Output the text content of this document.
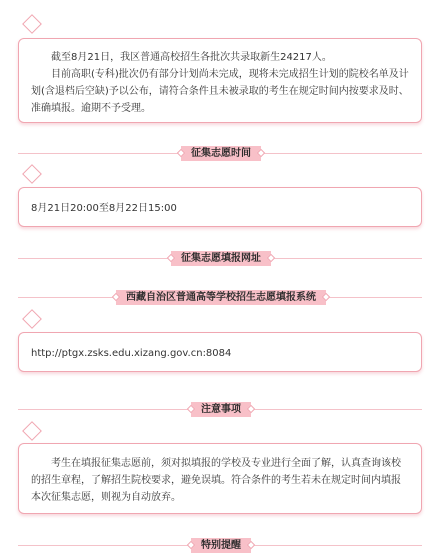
截至8月21日，我区普通高校招生各批次共录取新生24217人。

目前高职(专科)批次仍有部分计划尚未完成，现将未完成招生计划的院校名单及计划(含退档后空缺)予以公布，请符合条件且未被录取的考生在规定时间内按要求及时、准确填报。逾期不予受理。

征集志愿时间

8月21日20:00至8月22日15:00

征集志愿填报网址
西藏自治区普通高等学校招生志愿填报系统

http://ptgx.zsks.edu.xizang.gov.cn:8084

注意事项

考生在填报征集志愿前，须对拟填报的学校及专业进行全面了解，认真查询该校的招生章程，了解招生院校要求，避免误填。符合条件的考生若未在规定时间内填报本次征集志愿，则视为自动放弃。

特别提醒
